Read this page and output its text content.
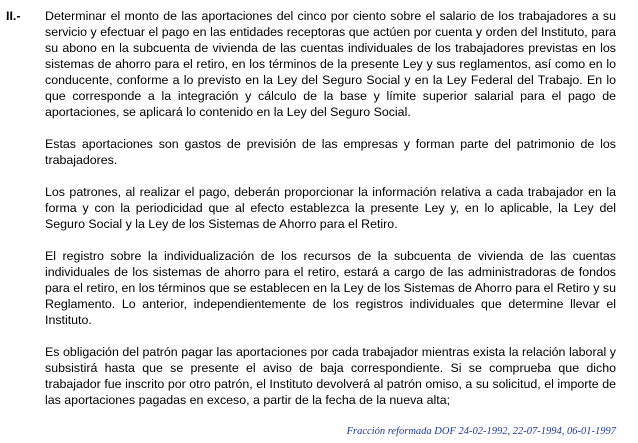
II.- Determinar el monto de las aportaciones del cinco por ciento sobre el salario de los trabajadores a su servicio y efectuar el pago en las entidades receptoras que actúen por cuenta y orden del Instituto, para su abono en la subcuenta de vivienda de las cuentas individuales de los trabajadores previstas en los sistemas de ahorro para el retiro, en los términos de la presente Ley y sus reglamentos, así como en lo conducente, conforme a lo previsto en la Ley del Seguro Social y en la Ley Federal del Trabajo. En lo que corresponde a la integración y cálculo de la base y límite superior salarial para el pago de aportaciones, se aplicará lo contenido en la Ley del Seguro Social.

Estas aportaciones son gastos de previsión de las empresas y forman parte del patrimonio de los trabajadores.

Los patrones, al realizar el pago, deberán proporcionar la información relativa a cada trabajador en la forma y con la periodicidad que al efecto establezca la presente Ley y, en lo aplicable, la Ley del Seguro Social y la Ley de los Sistemas de Ahorro para el Retiro.

El registro sobre la individualización de los recursos de la subcuenta de vivienda de las cuentas individuales de los sistemas de ahorro para el retiro, estará a cargo de las administradoras de fondos para el retiro, en los términos que se establecen en la Ley de los Sistemas de Ahorro para el Retiro y su Reglamento. Lo anterior, independientemente de los registros individuales que determine llevar el Instituto.

Es obligación del patrón pagar las aportaciones por cada trabajador mientras exista la relación laboral y subsistirá hasta que se presente el aviso de baja correspondiente. Si se comprueba que dicho trabajador fue inscrito por otro patrón, el Instituto devolverá al patrón omiso, a su solicitud, el importe de las aportaciones pagadas en exceso, a partir de la fecha de la nueva alta;

Fracción reformada DOF 24-02-1992, 22-07-1994, 06-01-1997
